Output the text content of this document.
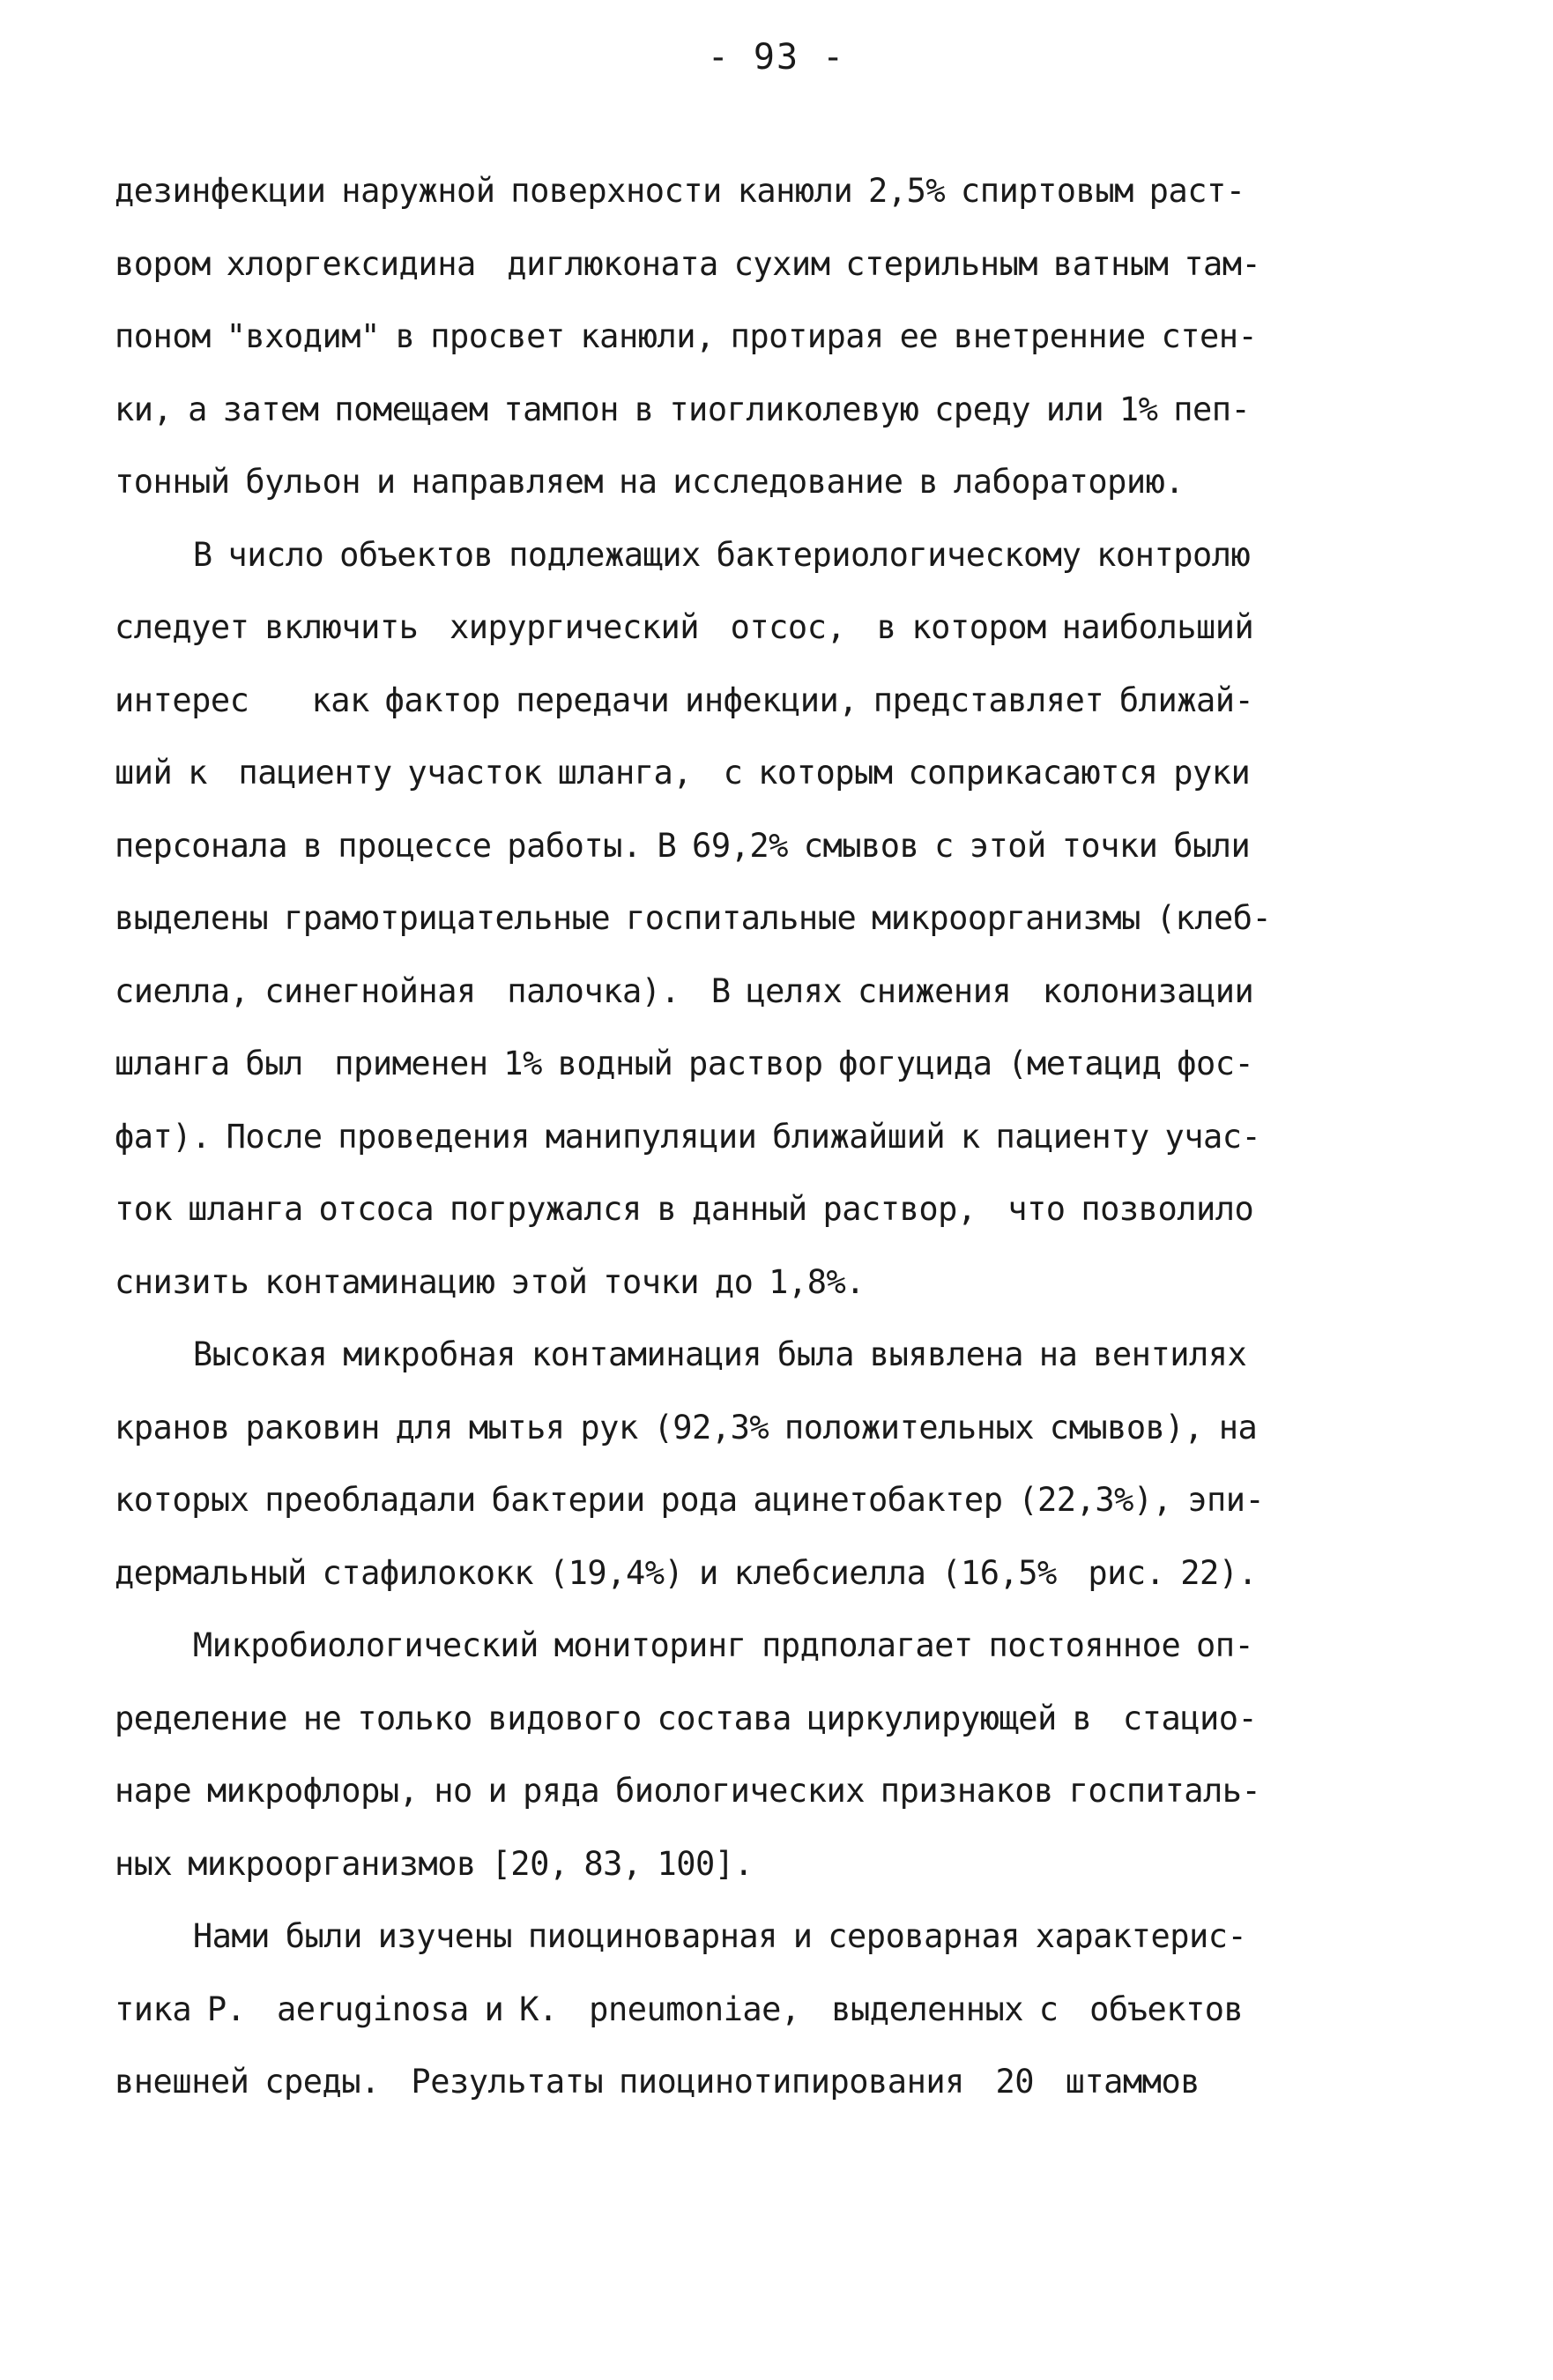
- 93 -
дезинфекции наружной поверхности канюли 2,5% спиртовым раст-
вором хлоргексидина  диглюконата сухим стерильным ватным там-
поном "входим" в просвет канюли, протирая ее внетренние стен-
ки, а затем помещаем тампон в тиогликолевую среду или 1% пеп-
тонный бульон и направляем на исследование в лабораторию.
В число объектов подлежащих бактериологическому контролю
следует включить  хирургический  отсос,  в котором наибольший
интерес    как фактор передачи инфекции, представляет ближай-
ший к  пациенту участок шланга,  с которым соприкасаются руки
персонала в процессе работы. В 69,2% смывов с этой точки были
выделены грамотрицательные госпитальные микроорганизмы (клеб-
сиелла, синегнойная  палочка).  В целях снижения  колонизации
шланга был  применен 1% водный раствор фогуцида (метацид фос-
фат). После проведения манипуляции ближайший к пациенту учас-
ток шланга отсоса погружался в данный раствор,  что позволило
снизить контаминацию этой точки до 1,8%.
Высокая микробная контаминация была выявлена на вентилях
кранов раковин для мытья рук (92,3% положительных смывов), на
которых преобладали бактерии рода ацинетобактер (22,3%), эпи-
дермальный стафилококк (19,4%) и клебсиелла (16,5%  рис. 22).
Микробиологический мониторинг прдполагает постоянное оп-
ределение не только видового состава циркулирующей в  стацио-
наре микрофлоры, но и ряда биологических признаков госпиталь-
ных микроорганизмов [20, 83, 100].
Нами были изучены пиоциноварная и сероварная характерис-
тика P.  aeruginosa и K.  pneumoniae,  выделенных с  объектов
внешней среды.  Результаты пиоцинотипирования  20  штаммов
